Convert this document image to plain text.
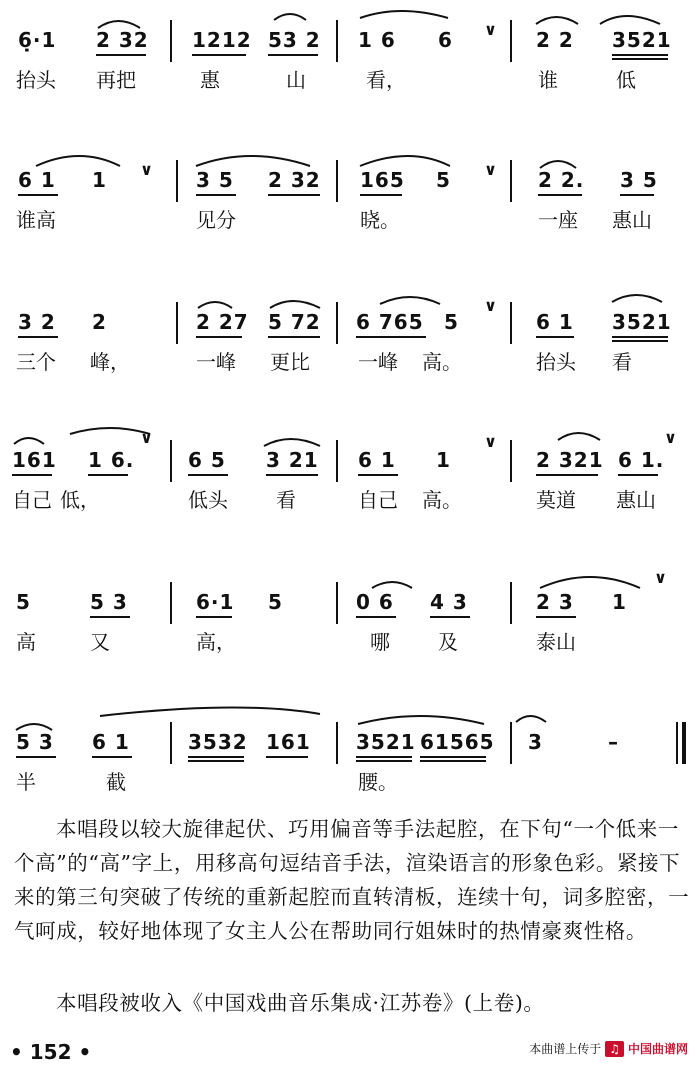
6̣·1 2 32 1212 53 2 1 6 6	2 2 3521
∨
抬头 再把	惠	山	看，	谁	低
6 1 1	3 5 2 32 165 5	2 2. 3 5
∨	∨
谁高	见分	晓。	一座 惠山
3 2 2	2 27 5 72 6 765 5	6 1 3521
∨
三个 峰，	一峰 更比 一峰 高。	抬头 看
161 1 6.	6 5 3 21 6 1 1	2 321 6 1.
∨	∨	∨
自己 低，	低头 看	自己 高。	莫道 惠山
5	5 3	6·1 5	0 6 4 3	2 3 1
∨
高	又	高，	哪 及	泰山
5 3 6 1	3532 161 3521 61565 3	–
半	截	腰。
本唱段以较大旋律起伏、巧用偏音等手法起腔，在下句“一个低来一个高”的“高”字上，用移高句逗结音手法，渲染语言的形象色彩。紧接下来的第三句突破了传统的重新起腔而直转清板，连续十句，词多腔密，一气呵成，较好地体现了女主人公在帮助同行姐妹时的热情豪爽性格。
本唱段被收入《中国戏曲音乐集成·江苏卷》(上卷)。
• 152 •	本曲谱上传于 ♫ 中国曲谱网
